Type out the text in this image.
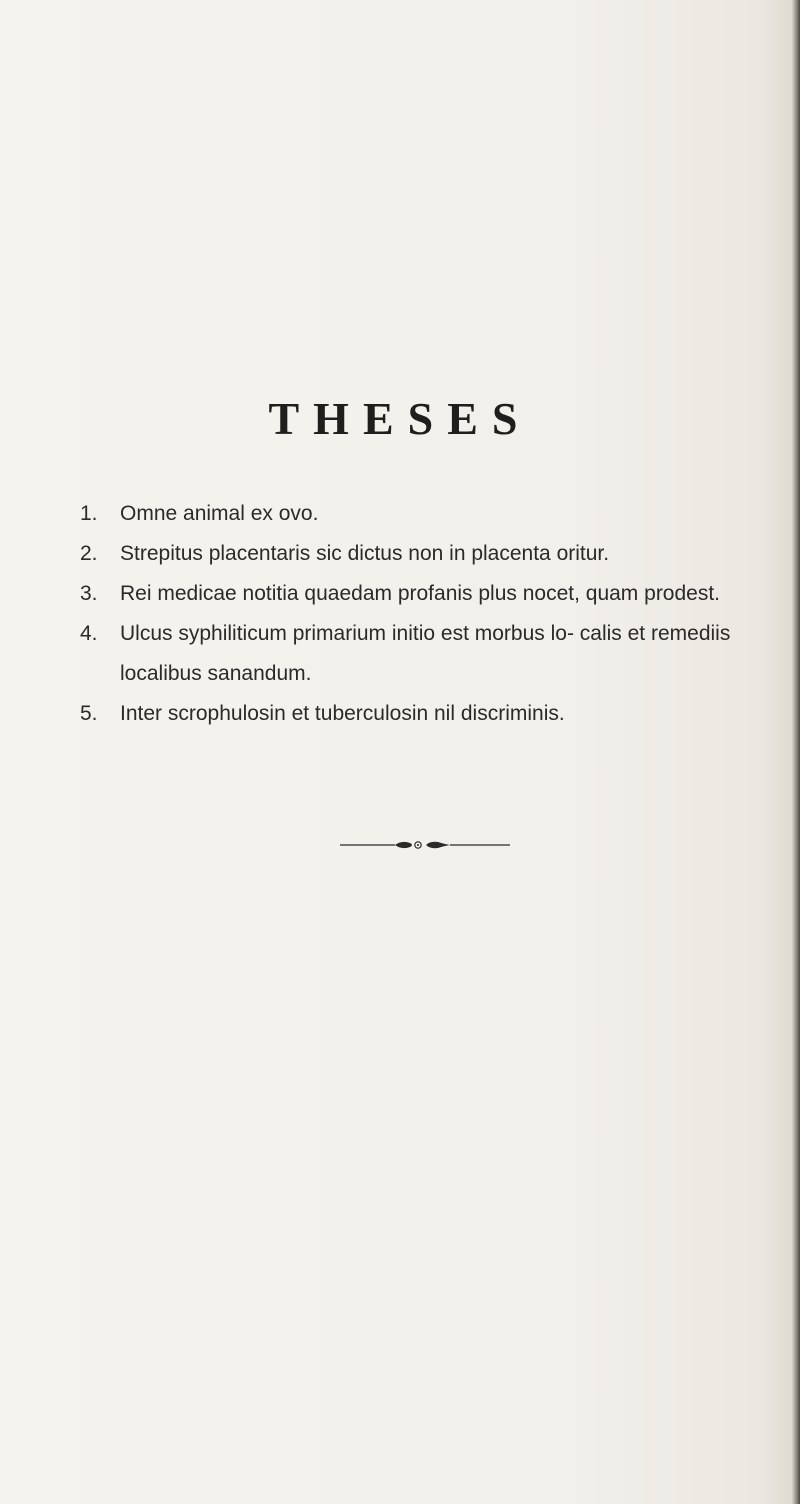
THESES
1.	Omne animal ex ovo.
2.	Strepitus placentaris sic dictus non in placenta oritur.
3.	Rei medicae notitia quaedam profanis plus nocet, quam prodest.
4.	Ulcus syphiliticum primarium initio est morbus lo- calis et remediis localibus sanandum.
5.	Inter scrophulosin et tuberculosin nil discriminis.
